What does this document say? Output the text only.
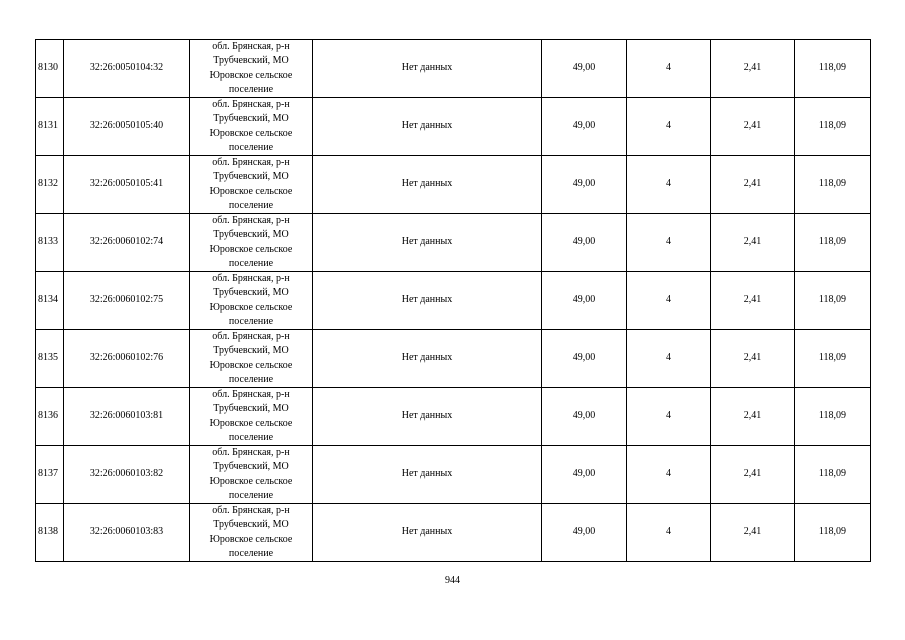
8130	32:26:0050104:32	обл. Брянская, р-н
Трубчевский, МО
Юровское сельское
поселение	Нет данных	49,00	4	2,41	118,09
8131	32:26:0050105:40	обл. Брянская, р-н
Трубчевский, МО
Юровское сельское
поселение	Нет данных	49,00	4	2,41	118,09
8132	32:26:0050105:41	обл. Брянская, р-н
Трубчевский, МО
Юровское сельское
поселение	Нет данных	49,00	4	2,41	118,09
8133	32:26:0060102:74	обл. Брянская, р-н
Трубчевский, МО
Юровское сельское
поселение	Нет данных	49,00	4	2,41	118,09
8134	32:26:0060102:75	обл. Брянская, р-н
Трубчевский, МО
Юровское сельское
поселение	Нет данных	49,00	4	2,41	118,09
8135	32:26:0060102:76	обл. Брянская, р-н
Трубчевский, МО
Юровское сельское
поселение	Нет данных	49,00	4	2,41	118,09
8136	32:26:0060103:81	обл. Брянская, р-н
Трубчевский, МО
Юровское сельское
поселение	Нет данных	49,00	4	2,41	118,09
8137	32:26:0060103:82	обл. Брянская, р-н
Трубчевский, МО
Юровское сельское
поселение	Нет данных	49,00	4	2,41	118,09
8138	32:26:0060103:83	обл. Брянская, р-н
Трубчевский, МО
Юровское сельское
поселение	Нет данных	49,00	4	2,41	118,09
944
